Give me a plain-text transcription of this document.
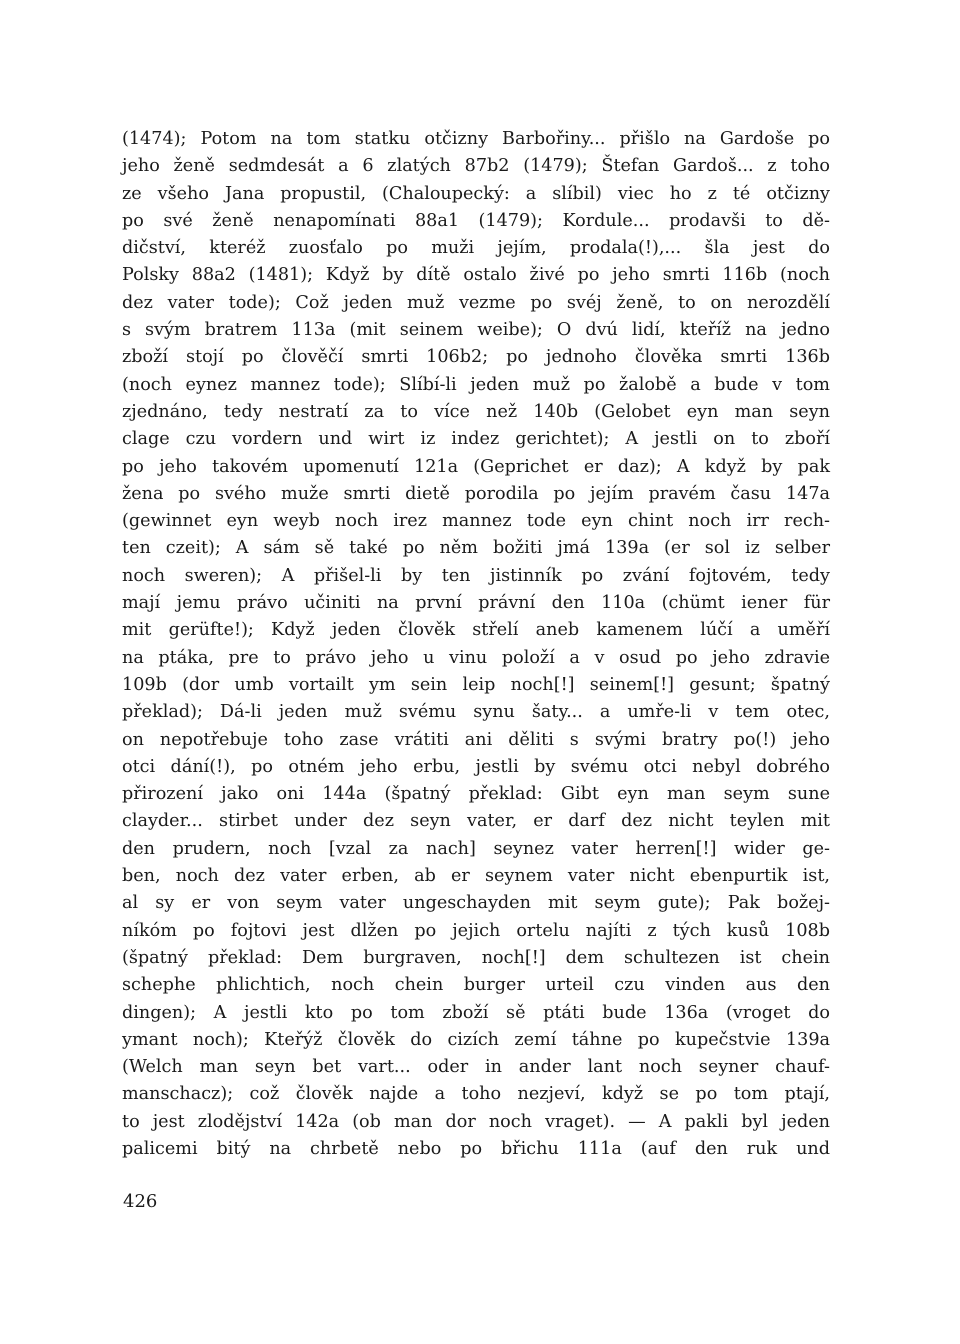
(1474); Potom na tom statku otčizny Barbořiny... přišlo na Gardoše po
jeho ženě sedmdesát a 6 zlatých 87b2 (1479); Štefan Gardoš... z toho
ze všeho Jana propustil, (Chaloupecký: a slíbil) viec ho z té otčizny
po své ženě nenapomínati 88a1 (1479); Kordule... prodavši to dě-
dičství, kteréž zuosťalo po muži jejím, prodala(!),... šla jest do
Polsky 88a2 (1481); Když by dítě ostalo živé po jeho smrti 116b (noch
dez vater tode); Což jeden muž vezme po svéj ženě, to on nerozdělí
s svým bratrem 113a (mit seinem weibe); O dvú lidí, kteříž na jedno
zboží stojí po člověčí smrti 106b2; po jednoho člověka smrti 136b
(noch eynez mannez tode); Slíbí-li jeden muž po žalobě a bude v tom
zjednáno, tedy nestratí za to více než 140b (Gelobet eyn man seyn
clage czu vordern und wirt iz indez gerichtet); A jestli on to zboří
po jeho takovém upomenutí 121a (Geprichet er daz); A když by pak
žena po svého muže smrti dietě porodila po jejím pravém času 147a
(gewinnet eyn weyb noch irez mannez tode eyn chint noch irr rech-
ten czeit); A sám sě také po něm božiti jmá 139a (er sol iz selber
noch sweren); A přišel-li by ten jistinník po zvání fojtovém, tedy
mají jemu právo učiniti na první právní den 110a (chümt iener für
mit gerüfte!); Když jeden člověk střelí aneb kamenem lúčí a uměří
na ptáka, pre to právo jeho u vinu položí a v osud po jeho zdravie
109b (dor umb vortailt ym sein leip noch[!] seinem[!] gesunt; špatný
překlad); Dá-li jeden muž svému synu šaty... a umře-li v tem otec,
on nepotřebuje toho zase vrátiti ani děliti s svými bratry po(!) jeho
otci dání(!), po otném jeho erbu, jestli by svému otci nebyl dobrého
přirození jako oni 144a (špatný překlad: Gibt eyn man seym sune
clayder... stirbet under dez seyn vater, er darf dez nicht teylen mit
den prudern, noch [vzal za nach] seynez vater herren[!] wider ge-
ben, noch dez vater erben, ab er seynem vater nicht ebenpurtik ist,
al sy er von seym vater ungeschayden mit seym gute); Pak božej-
níkóm po fojtovi jest dlžen po jejich ortelu najíti z tých kusů 108b
(špatný překlad: Dem burgraven, noch[!] dem schultezen ist chein
schephe phlichtich, noch chein burger urteil czu vinden aus den
dingen); A jestli kto po tom zboží sě ptáti bude 136a (vroget do
ymant noch); Kteřýž člověk do cizích zemí táhne po kupečstvie 139a
(Welch man seyn bet vart... oder in ander lant noch seyner chauf-
manschacz); což člověk najde a toho nezjeví, když se po tom ptají,
to jest zlodějství 142a (ob man dor noch vraget). — A pakli byl jeden
palicemi bitý na chrbetě nebo po břichu 111a (auf den ruk und
426
